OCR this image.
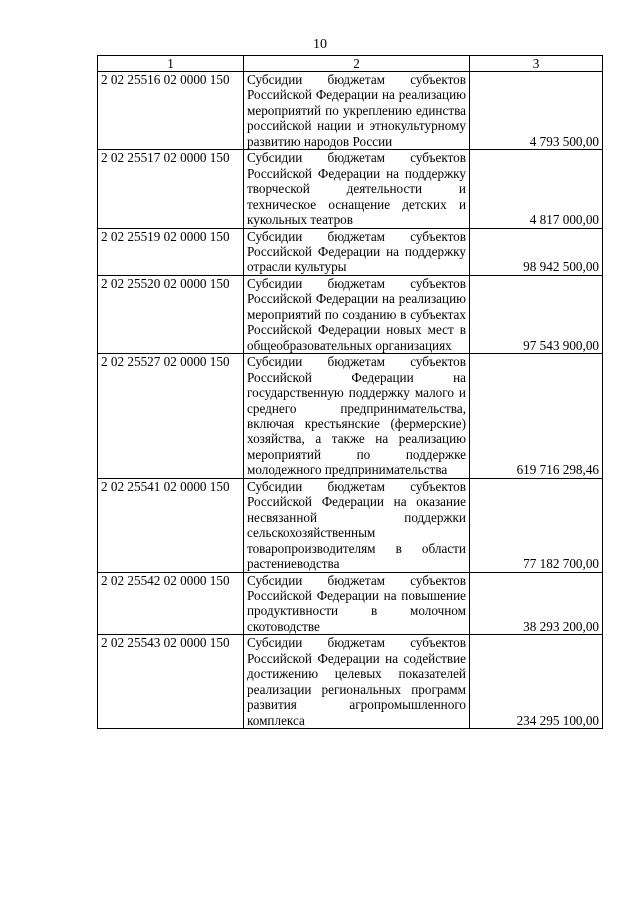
10
1	2	3
2 02 25516 02 0000 150	Субсидии бюджетам субъектов Российской Федерации на реализацию мероприятий по укреплению единства российской нации и этнокультурному развитию народов России	4 793 500,00
2 02 25517 02 0000 150	Субсидии бюджетам субъектов Российской Федерации на поддержку творческой деятельности и техническое оснащение детских и кукольных театров	4 817 000,00
2 02 25519 02 0000 150	Субсидии бюджетам субъектов Российской Федерации на поддержку отрасли культуры	98 942 500,00
2 02 25520 02 0000 150	Субсидии бюджетам субъектов Российской Федерации на реализацию мероприятий по созданию в субъектах Российской Федерации новых мест в общеобразовательных организациях	97 543 900,00
2 02 25527 02 0000 150	Субсидии бюджетам субъектов Российской Федерации на государственную поддержку малого и среднего предпринимательства, включая крестьянские (фермерские) хозяйства, а также на реализацию мероприятий по поддержке молодежного предпринимательства	619 716 298,46
2 02 25541 02 0000 150	Субсидии бюджетам субъектов Российской Федерации на оказание несвязанной поддержки сельскохозяйственным товаропроизводителям в области растениеводства	77 182 700,00
2 02 25542 02 0000 150	Субсидии бюджетам субъектов Российской Федерации на повышение продуктивности в молочном скотоводстве	38 293 200,00
2 02 25543 02 0000 150	Субсидии бюджетам субъектов Российской Федерации на содействие достижению целевых показателей реализации региональных программ развития агропромышленного комплекса	234 295 100,00
